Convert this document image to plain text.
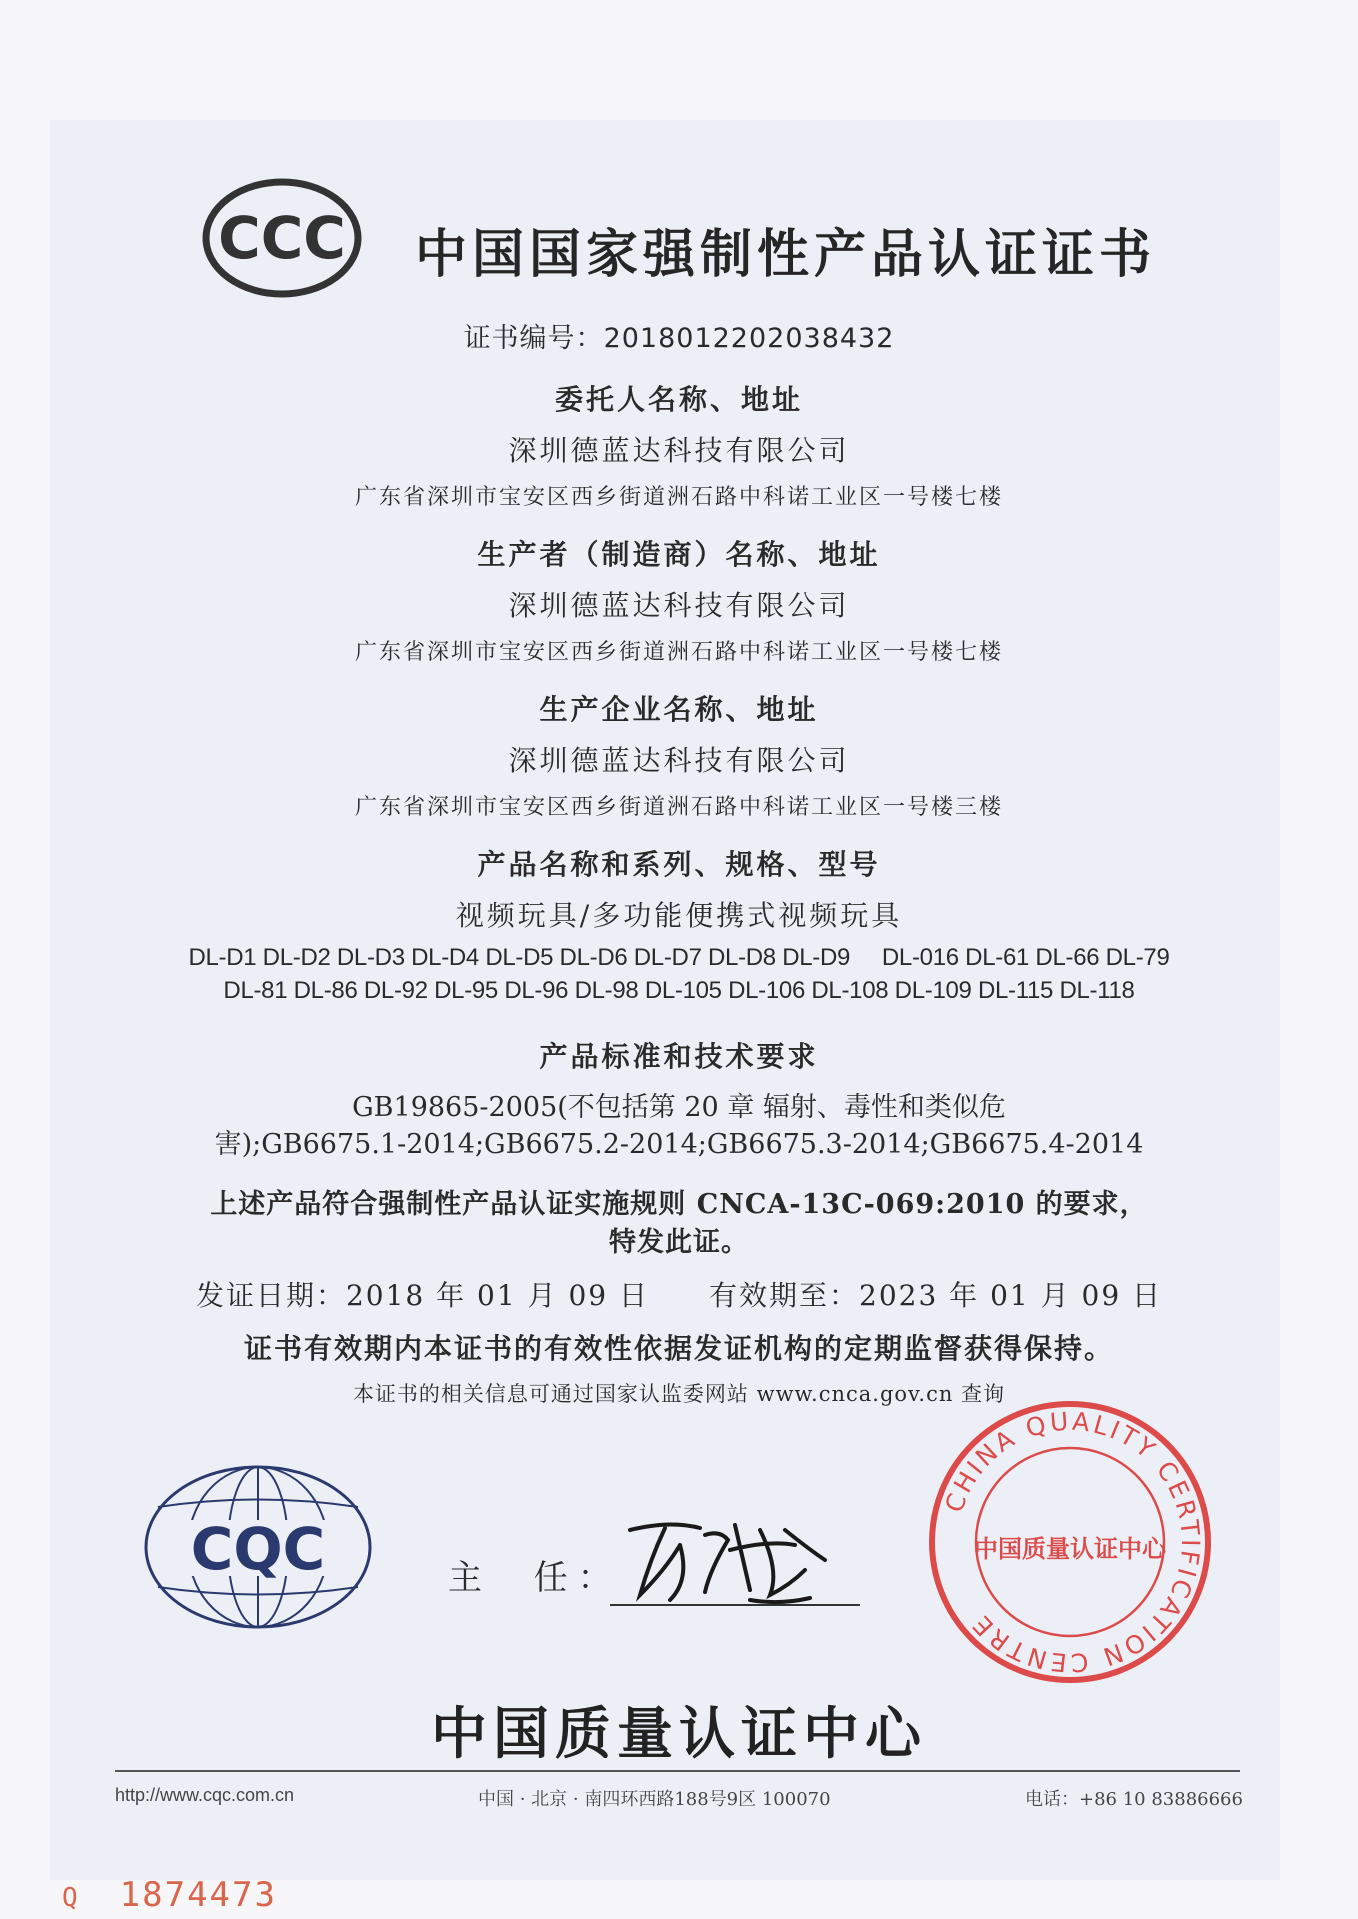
CCC 中国国家强制性产品认证证书
证书编号：2018012202038432
委托人名称、地址
深圳德蓝达科技有限公司
广东省深圳市宝安区西乡街道洲石路中科诺工业区一号楼七楼
生产者（制造商）名称、地址
深圳德蓝达科技有限公司
广东省深圳市宝安区西乡街道洲石路中科诺工业区一号楼七楼
生产企业名称、地址
深圳德蓝达科技有限公司
广东省深圳市宝安区西乡街道洲石路中科诺工业区一号楼三楼
产品名称和系列、规格、型号
视频玩具/多功能便携式视频玩具
DL-D1 DL-D2 DL-D3 DL-D4 DL-D5 DL-D6 DL-D7 DL-D8 DL-D9     DL-016 DL-61 DL-66 DL-79
DL-81 DL-86 DL-92 DL-95 DL-96 DL-98 DL-105 DL-106 DL-108 DL-109 DL-115 DL-118
产品标准和技术要求
GB19865-2005(不包括第 20 章 辐射、毒性和类似危
害);GB6675.1-2014;GB6675.2-2014;GB6675.3-2014;GB6675.4-2014
上述产品符合强制性产品认证实施规则 CNCA-13C-069:2010 的要求，
特发此证。
发证日期：2018 年 01 月 09 日 有效期至：2023 年 01 月 09 日
证书有效期内本证书的有效性依据发证机构的定期监督获得保持。
本证书的相关信息可通过国家认监委网站 www.cnca.gov.cn 查询
CQC	主  任：
CHINA QUALITY CERTIFICATION CENTRE
中国质量认证中心
中国质量认证中心
http://www.cqc.com.cn	中国 · 北京 · 南四环西路188号9区 100070	电话：+86 10 83886666
Q 1874473
